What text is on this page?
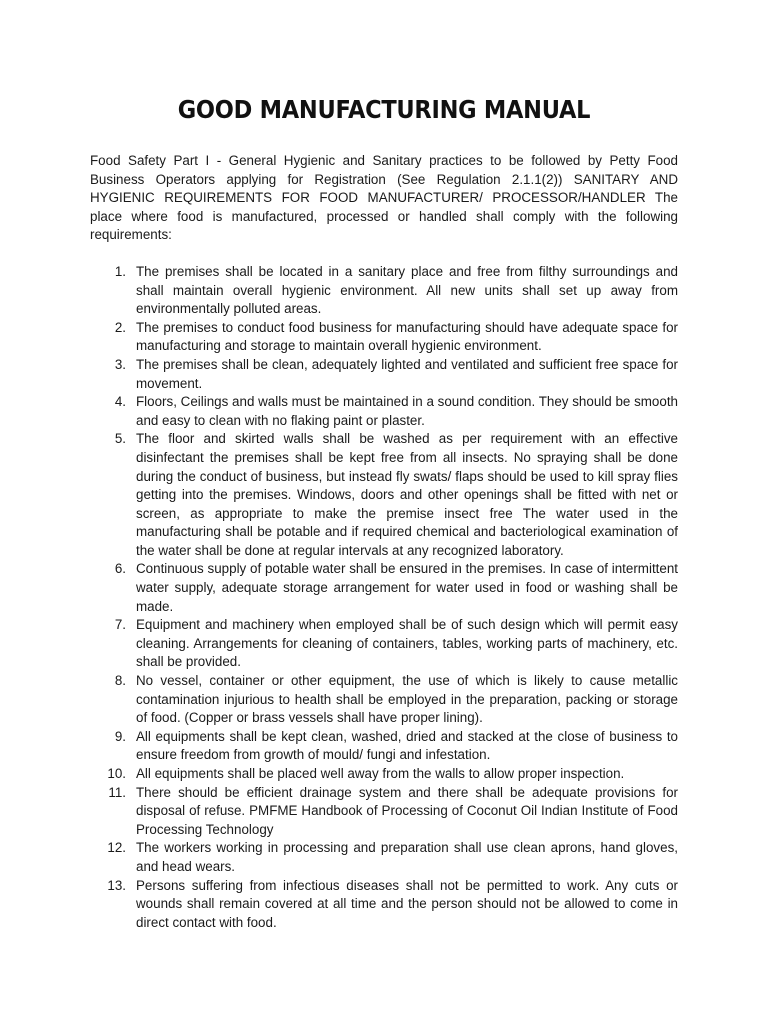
GOOD MANUFACTURING MANUAL

Food Safety Part I - General Hygienic and Sanitary practices to be followed by Petty Food Business Operators applying for Registration (See Regulation 2.1.1(2)) SANITARY AND HYGIENIC REQUIREMENTS FOR FOOD MANUFACTURER/ PROCESSOR/HANDLER The place where food is manufactured, processed or handled shall comply with the following requirements:

1. The premises shall be located in a sanitary place and free from filthy surroundings and shall maintain overall hygienic environment. All new units shall set up away from environmentally polluted areas.
2. The premises to conduct food business for manufacturing should have adequate space for manufacturing and storage to maintain overall hygienic environment.
3. The premises shall be clean, adequately lighted and ventilated and sufficient free space for movement.
4. Floors, Ceilings and walls must be maintained in a sound condition. They should be smooth and easy to clean with no flaking paint or plaster.
5. The floor and skirted walls shall be washed as per requirement with an effective disinfectant the premises shall be kept free from all insects. No spraying shall be done during the conduct of business, but instead fly swats/ flaps should be used to kill spray flies getting into the premises. Windows, doors and other openings shall be fitted with net or screen, as appropriate to make the premise insect free The water used in the manufacturing shall be potable and if required chemical and bacteriological examination of the water shall be done at regular intervals at any recognized laboratory.
6. Continuous supply of potable water shall be ensured in the premises. In case of intermittent water supply, adequate storage arrangement for water used in food or washing shall be made.
7. Equipment and machinery when employed shall be of such design which will permit easy cleaning. Arrangements for cleaning of containers, tables, working parts of machinery, etc. shall be provided.
8. No vessel, container or other equipment, the use of which is likely to cause metallic contamination injurious to health shall be employed in the preparation, packing or storage of food. (Copper or brass vessels shall have proper lining).
9. All equipments shall be kept clean, washed, dried and stacked at the close of business to ensure freedom from growth of mould/ fungi and infestation.
10. All equipments shall be placed well away from the walls to allow proper inspection.
11. There should be efficient drainage system and there shall be adequate provisions for disposal of refuse. PMFME Handbook of Processing of Coconut Oil Indian Institute of Food Processing Technology
12. The workers working in processing and preparation shall use clean aprons, hand gloves, and head wears.
13. Persons suffering from infectious diseases shall not be permitted to work. Any cuts or wounds shall remain covered at all time and the person should not be allowed to come in direct contact with food.
